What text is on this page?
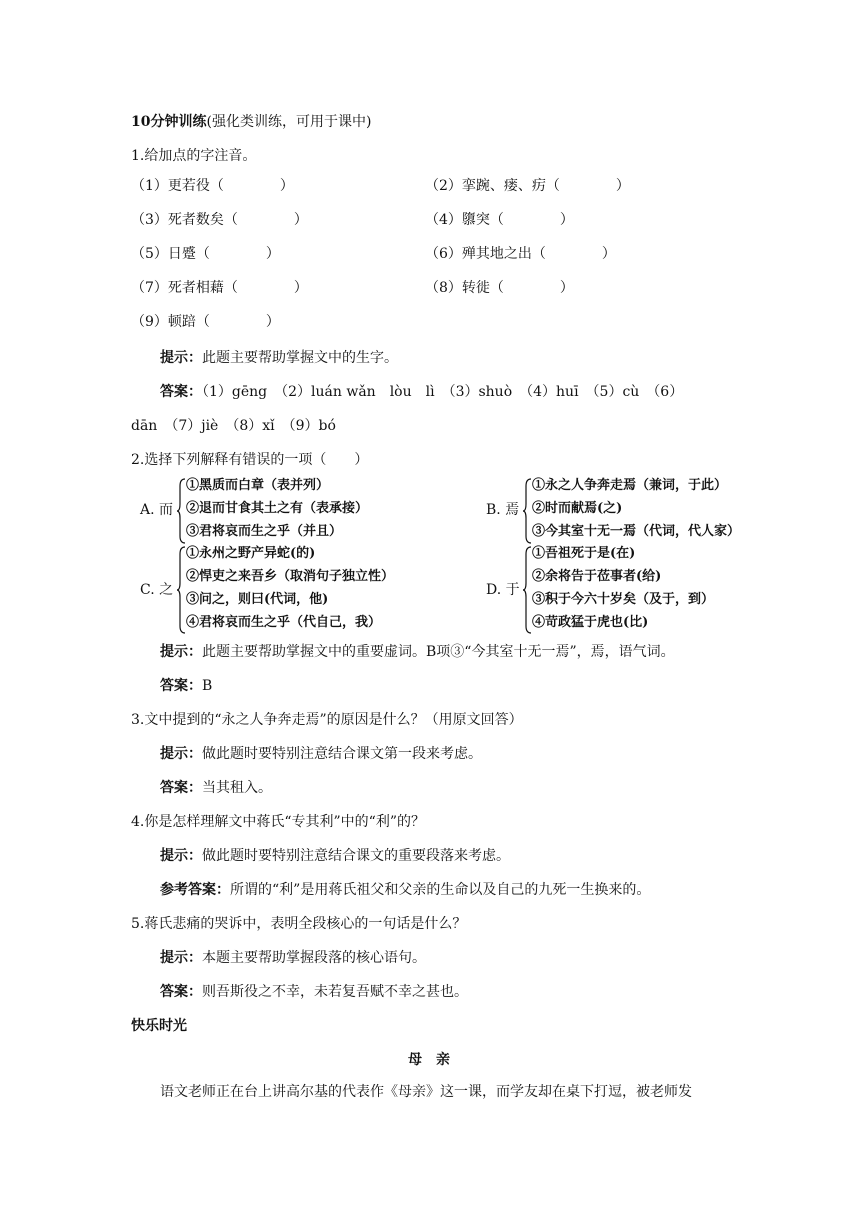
10分钟训练(强化类训练，可用于课中)
1.给加点的字注音。
（1）更若役（　　　　）	（2）挛踠、瘘、疠（　　　　）
（3）死者数矣（　　　　）	（4）隳突（　　　　）
（5）日蹙（　　　　）	（6）殚其地之出（　　　　）
（7）死者相藉（　　　　）	（8）转徙（　　　　）
（9）顿踣（　　　　）
提示：此题主要帮助掌握文中的生字。
答案：（1）gēng　（2）luán wǎn　lòu　lì　（3）shuò　（4）huī　（5）cù　（6）
dān　（7）jiè　（8）xǐ　（9）bó
2.选择下列解释有错误的一项（　　）
A. 而
①黑质而白章（表并列）
②退而甘食其土之有（表承接）
③君将哀而生之乎（并且）
B. 焉
①永之人争奔走焉（兼词，于此）
②时而献焉(之)
③今其室十无一焉（代词，代人家）
C. 之
①永州之野产异蛇(的)
②悍吏之来吾乡（取消句子独立性）
③问之，则曰(代词，他)
④君将哀而生之乎（代自己，我）
D. 于
①吾祖死于是(在)
②余将告于莅事者(给)
③积于今六十岁矣（及于，到）
④苛政猛于虎也(比)
提示：此题主要帮助掌握文中的重要虚词。B项③“今其室十无一焉”，焉，语气词。
答案：B
3.文中提到的“永之人争奔走焉”的原因是什么？（用原文回答）
提示：做此题时要特别注意结合课文第一段来考虑。
答案：当其租入。
4.你是怎样理解文中蒋氏“专其利”中的“利”的？
提示：做此题时要特别注意结合课文的重要段落来考虑。
参考答案：所谓的“利”是用蒋氏祖父和父亲的生命以及自己的九死一生换来的。
5.蒋氏悲痛的哭诉中，表明全段核心的一句话是什么？
提示：本题主要帮助掌握段落的核心语句。
答案：则吾斯役之不幸，未若复吾赋不幸之甚也。
快乐时光
母　亲
语文老师正在台上讲高尔基的代表作《母亲》这一课，而学友却在桌下打逗，被老师发
